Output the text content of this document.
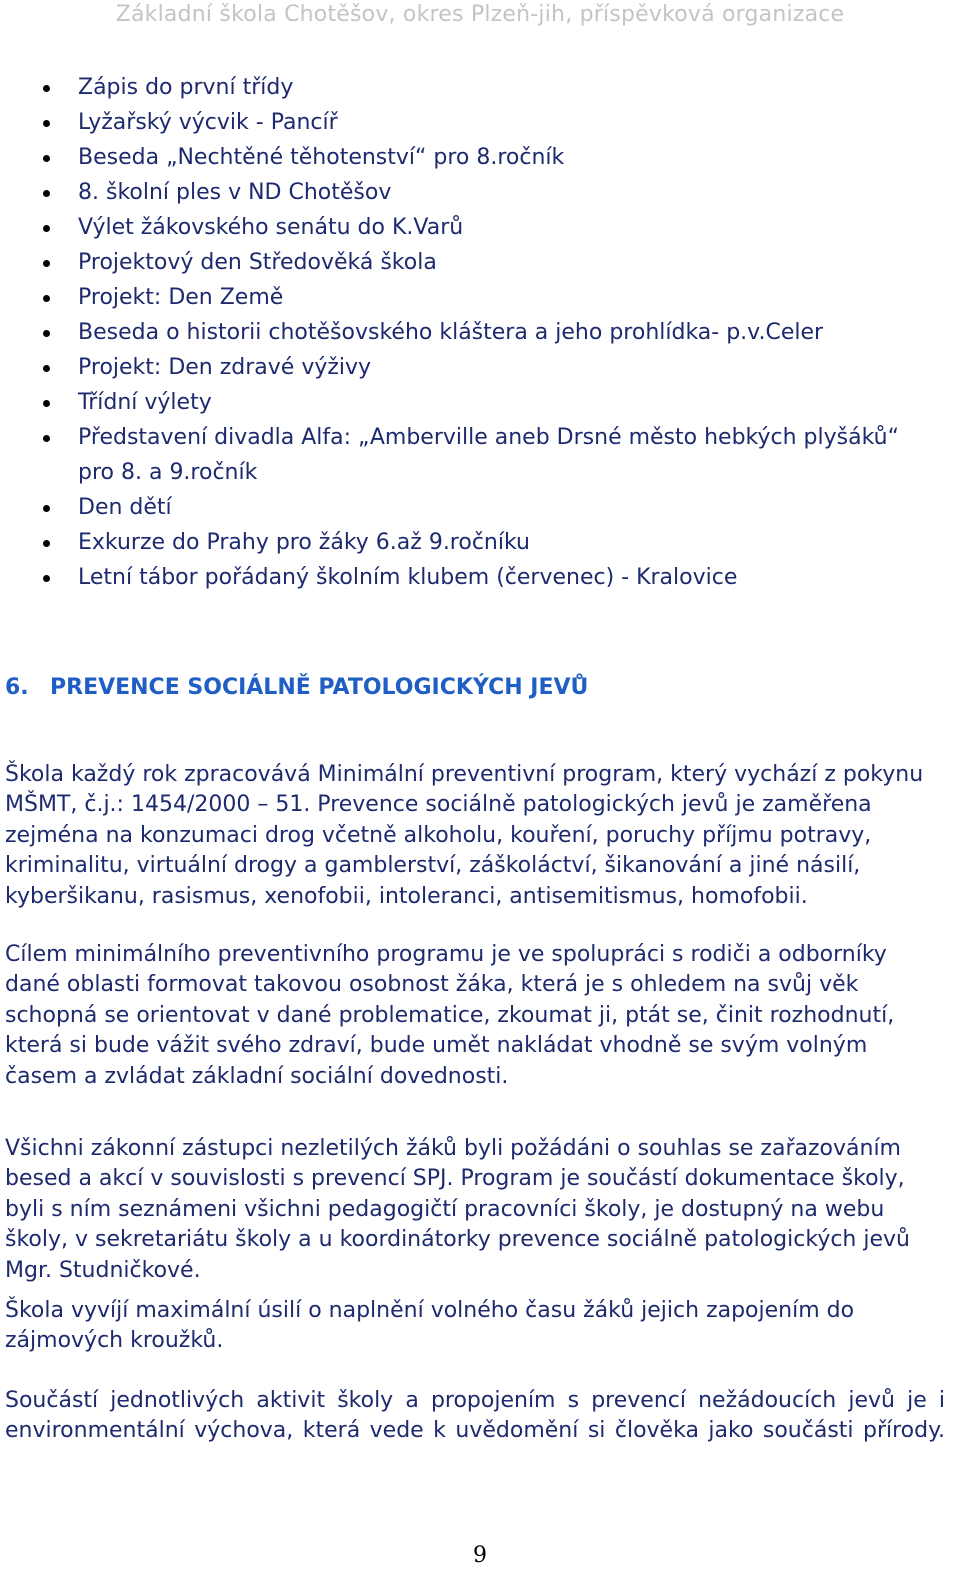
Základní škola Chotěšov, okres Plzeň-jih, příspěvková organizace
Zápis do první třídy
Lyžařský výcvik - Pancíř
Beseda „Nechtěné těhotenství“ pro 8.ročník
8. školní ples v ND Chotěšov
Výlet žákovského senátu do K.Varů
Projektový den Středověká škola
Projekt: Den Země
Beseda o historii chotěšovského kláštera a jeho prohlídka- p.v.Celer
Projekt: Den zdravé výživy
Třídní výlety
Představení divadla Alfa: „Amberville aneb Drsné město hebkých plyšáků“ pro 8. a 9.ročník
Den dětí
Exkurze do Prahy pro žáky 6.až 9.ročníku
Letní tábor pořádaný školním klubem (červenec) - Kralovice
6. PREVENCE SOCIÁLNĚ PATOLOGICKÝCH JEVŮ

Škola každý rok zpracovává Minimální preventivní program, který vychází z pokynu MŠMT, č.j.: 1454/2000 – 51. Prevence sociálně patologických jevů je zaměřena zejména na konzumaci drog včetně alkoholu, kouření, poruchy příjmu potravy, kriminalitu, virtuální drogy a gamblerství, záškoláctví, šikanování a jiné násilí, kyberšikanu, rasismus, xenofobii, intoleranci, antisemitismus, homofobii.

Cílem minimálního preventivního programu je ve spolupráci s rodiči a odborníky dané oblasti formovat takovou osobnost žáka, která je s ohledem na svůj věk schopná se orientovat v dané problematice, zkoumat ji, ptát se, činit rozhodnutí, která si bude vážit svého zdraví, bude umět nakládat vhodně se svým volným časem a zvládat základní sociální dovednosti.

Všichni zákonní zástupci nezletilých žáků byli požádáni o souhlas se zařazováním besed a akcí v souvislosti s prevencí SPJ. Program je součástí dokumentace školy, byli s ním seznámeni všichni pedagogičtí pracovníci školy, je dostupný na webu školy, v sekretariátu školy a u koordinátorky prevence sociálně patologických jevů Mgr. Studničkové.

Škola vyvíjí maximální úsilí o naplnění volného času žáků jejich zapojením do zájmových kroužků.

Součástí jednotlivých aktivit školy a propojením s prevencí nežádoucích jevů je i
environmentální výchova, která vede k uvědomění si člověka jako součásti přírody.

9
